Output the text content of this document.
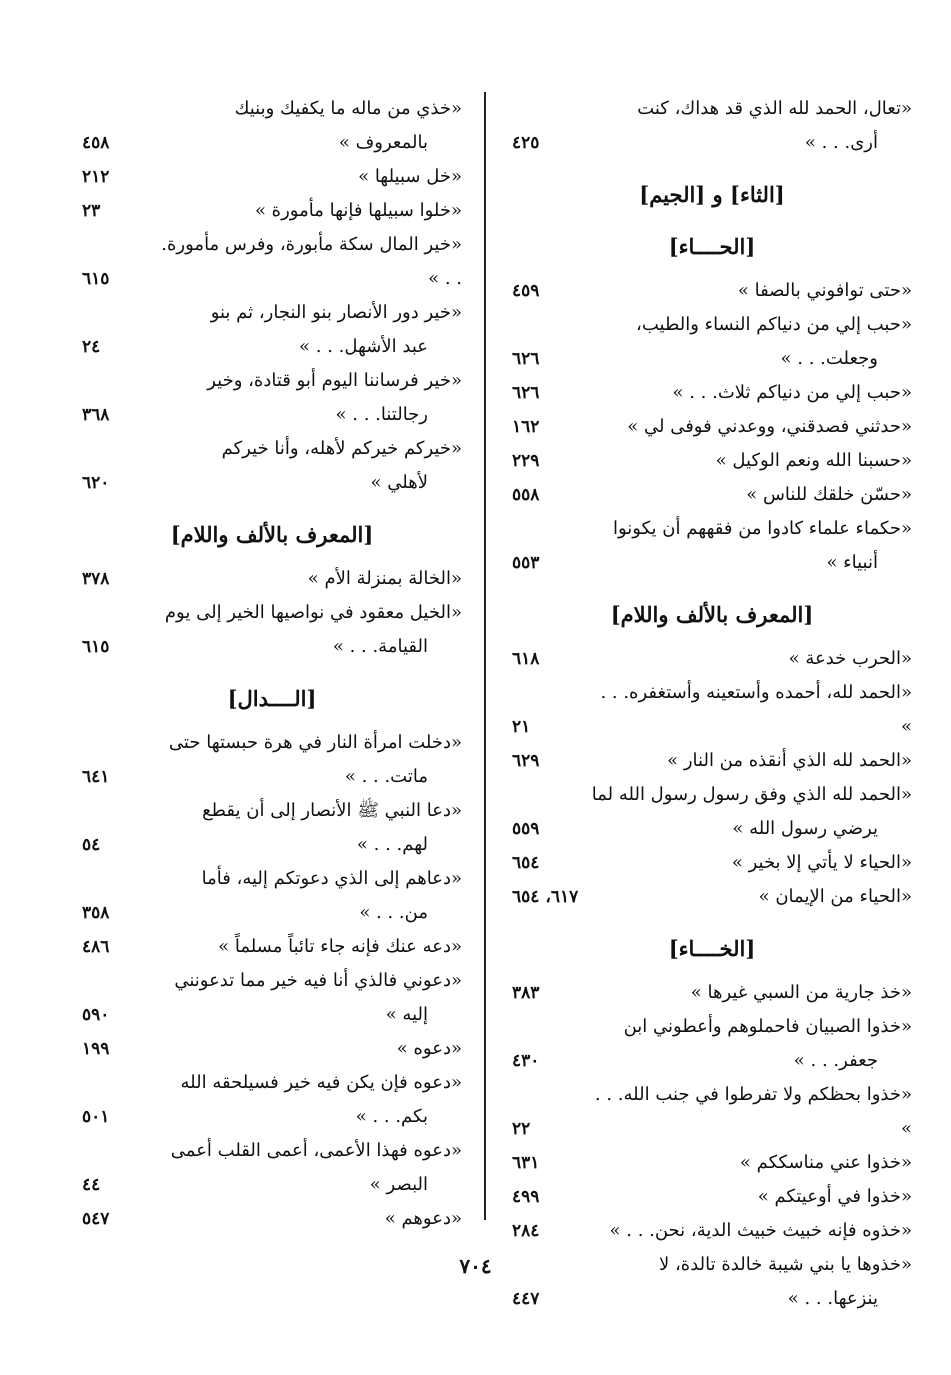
«تعال، الحمد لله الذي قد هداك، كنت
أرى. . . »
٤٢٥
[الثاء] و [الجيم]
[الحــــاء]
«حتى توافوني بالصفا »
٤٥٩
«حبب إلي من دنياكم النساء والطيب،
وجعلت. . . »
٦٢٦
«حبب إلي من دنياكم ثلاث. . . »
٦٢٦
«حدثني فصدقني، ووعدني فوفى لي »
١٦٢
«حسبنا الله ونعم الوكيل »
٢٢٩
«حسّن خلقك للناس »
٥٥٨
«حكماء علماء كادوا من فقههم أن يكونوا
أنبياء »
٥٥٣
[المعرف بالألف واللام]
«الحرب خدعة »
٦١٨
«الحمد لله، أحمده وأستعينه وأستغفره. . . »
٢١
«الحمد لله الذي أنقذه من النار »
٦٢٩
«الحمد لله الذي وفق رسول رسول الله لما
يرضي رسول الله »
٥٥٩
«الحياء لا يأتي إلا بخير »
٦٥٤
«الحياء من الإيمان »
٦١٧، ٦٥٤
[الخــــاء]
«خذ جارية من السبي غيرها »
٣٨٣
«خذوا الصبيان فاحملوهم وأعطوني ابن
جعفر. . . »
٤٣٠
«خذوا بحظكم ولا تفرطوا في جنب الله. . . »
٢٢
«خذوا عني مناسككم »
٦٣١
«خذوا في أوعيتكم »
٤٩٩
«خذوه فإنه خبيث خبيث الدية، نحن. . . »
٢٨٤
«خذوها يا بني شيبة خالدة تالدة، لا
ينزعها. . . »
٤٤٧
«خذي من ماله ما يكفيك وبنيك
بالمعروف »
٤٥٨
«خل سبيلها »
٢١٢
«خلوا سبيلها فإنها مأمورة »
٢٣
«خير المال سكة مأبورة، وفرس مأمورة. . . »
٦١٥
«خير دور الأنصار بنو النجار، ثم بنو
عبد الأشهل. . . »
٢٤
«خير فرساننا اليوم أبو قتادة، وخير
رجالتنا. . . »
٣٦٨
«خيركم خيركم لأهله، وأنا خيركم
لأهلي »
٦٢٠
[المعرف بالألف واللام]
«الخالة بمنزلة الأم »
٣٧٨
«الخيل معقود في نواصيها الخير إلى يوم
القيامة. . . »
٦١٥
[الــــدال]
«دخلت امرأة النار في هرة حبستها حتى
ماتت. . . »
٦٤١
«دعا النبي ﷺ الأنصار إلى أن يقطع
لهم. . . »
٥٤
«دعاهم إلى الذي دعوتكم إليه، فأما
من. . . »
٣٥٨
«دعه عنك فإنه جاء تائباً مسلماً »
٤٨٦
«دعوني فالذي أنا فيه خير مما تدعونني
إليه »
٥٩٠
«دعوه »
١٩٩
«دعوه فإن يكن فيه خير فسيلحقه الله
بكم. . . »
٥٠١
«دعوه فهذا الأعمى، أعمى القلب أعمى
البصر »
٤٤
«دعوهم »
٥٤٧
٧٠٤
